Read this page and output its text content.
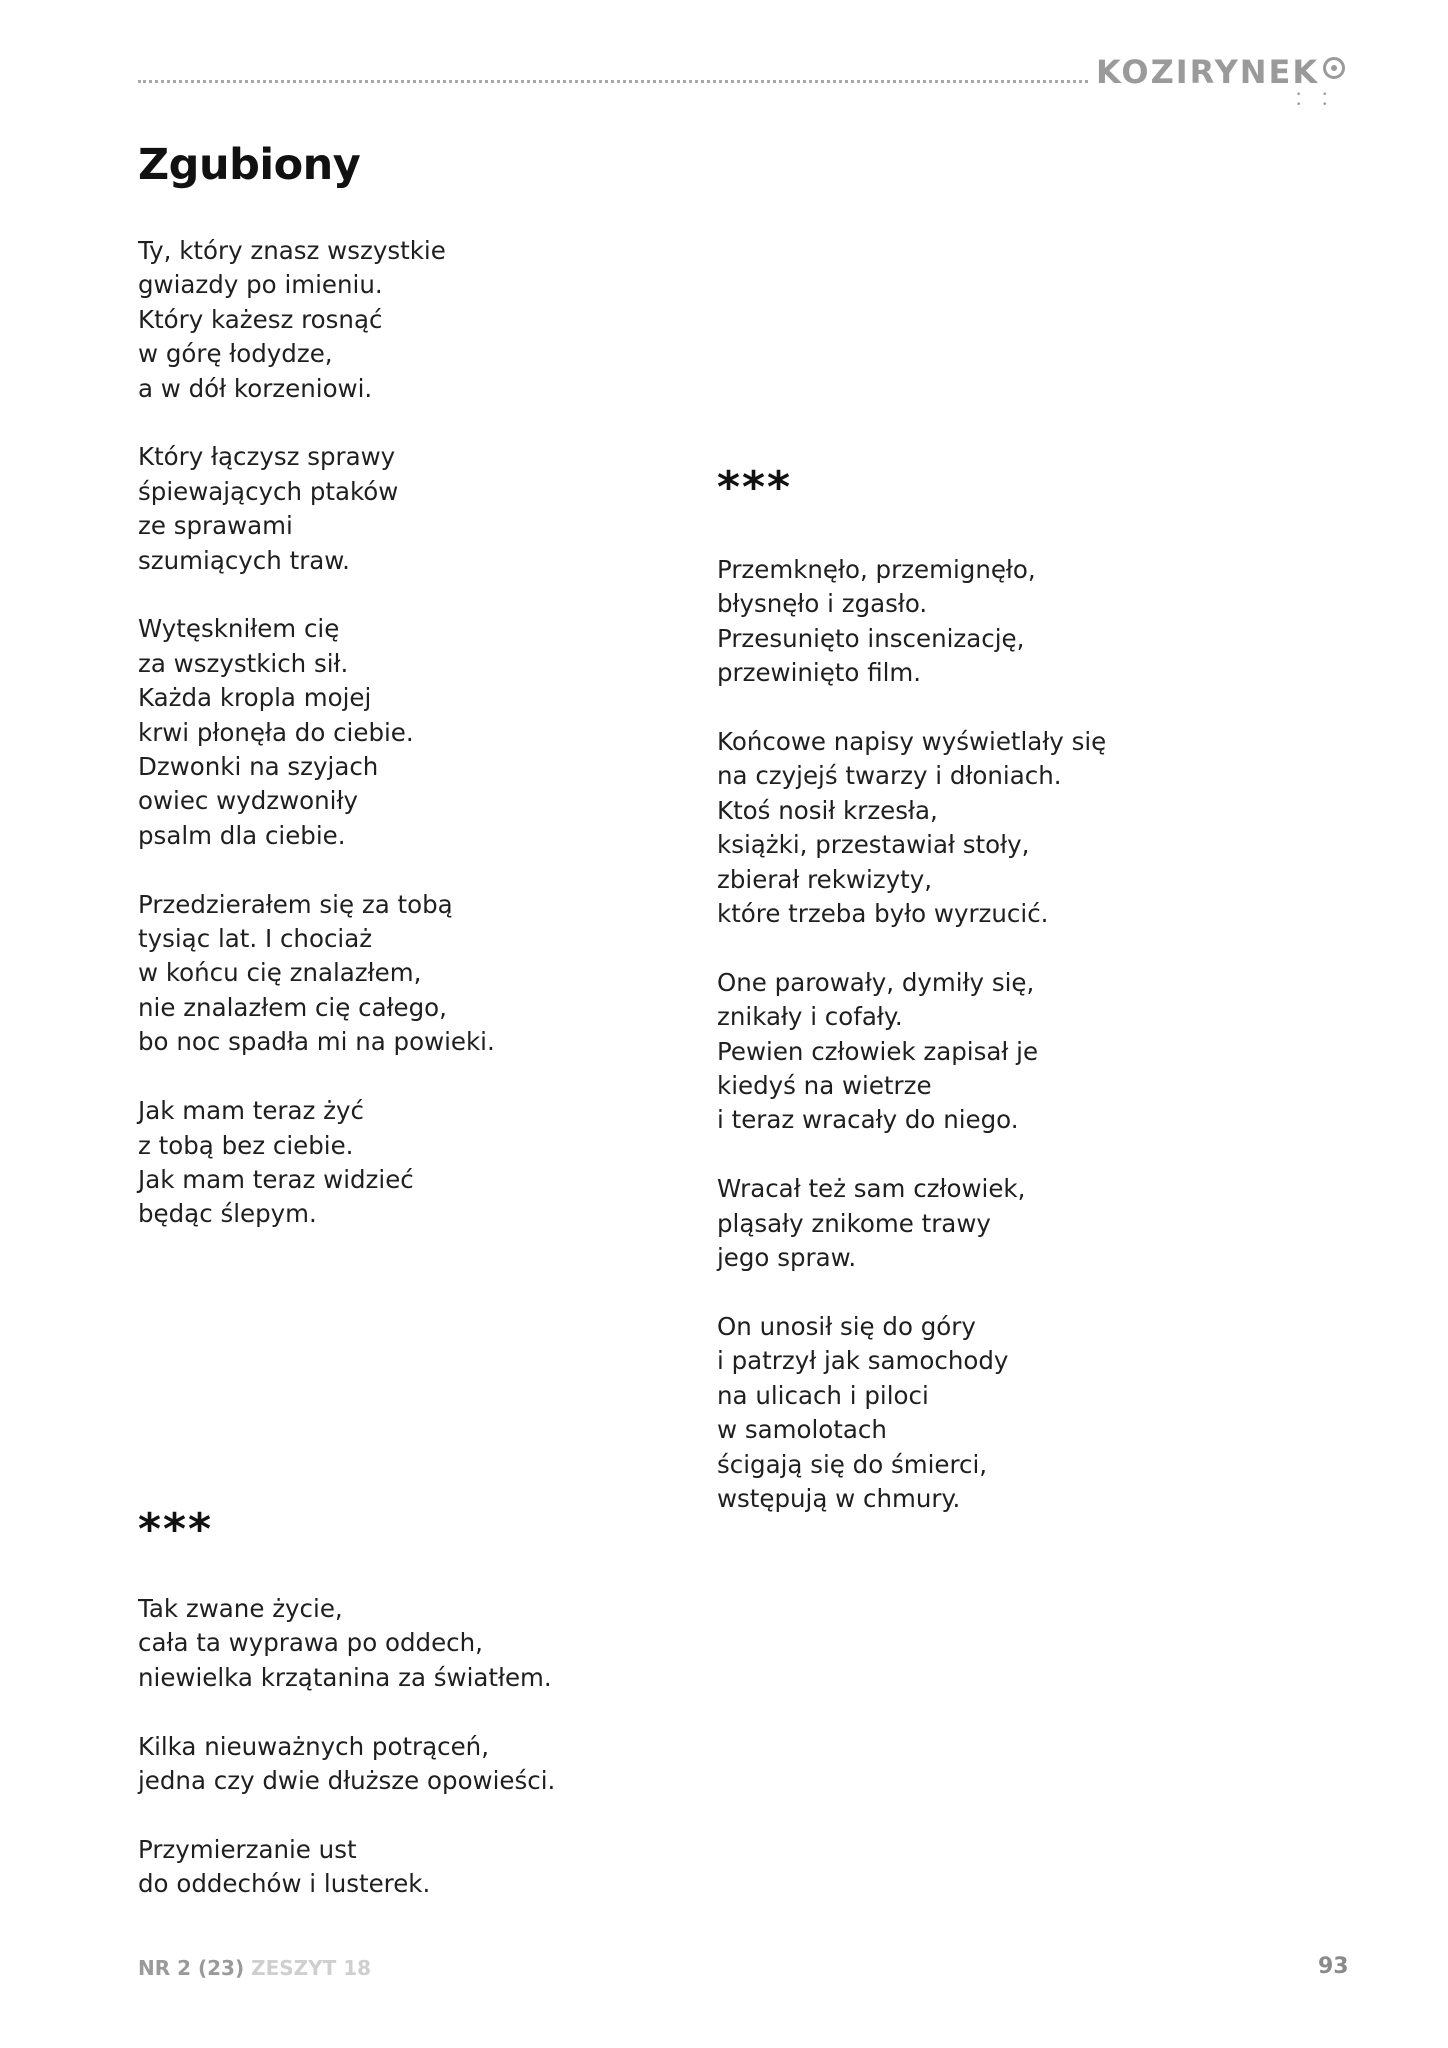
KOZIRYNEK
• • • •
Zgubiony
Ty, który znasz wszystkie
gwiazdy po imieniu.
Który każesz rosnąć
w górę łodydze,
a w dół korzeniowi.
Który łączysz sprawy
śpiewających ptaków
ze sprawami
szumiących traw.
Wytęskniłem cię
za wszystkich sił.
Każda kropla mojej
krwi płonęła do ciebie.
Dzwonki na szyjach
owiec wydzwoniły
psalm dla ciebie.
Przedzierałem się za tobą
tysiąc lat. I chociaż
w końcu cię znalazłem,
nie znalazłem cię całego,
bo noc spadła mi na powieki.
Jak mam teraz żyć
z tobą bez ciebie.
Jak mam teraz widzieć
będąc ślepym.
***
Przemknęło, przemignęło,
błysnęło i zgasło.
Przesunięto inscenizację,
przewinięto film.
Końcowe napisy wyświetlały się
na czyjejś twarzy i dłoniach.
Ktoś nosił krzesła,
książki, przestawiał stoły,
zbierał rekwizyty,
które trzeba było wyrzucić.
One parowały, dymiły się,
znikały i cofały.
Pewien człowiek zapisał je
kiedyś na wietrze
i teraz wracały do niego.
Wracał też sam człowiek,
pląsały znikome trawy
jego spraw.
On unosił się do góry
i patrzył jak samochody
na ulicach i piloci
w samolotach
ścigają się do śmierci,
wstępują w chmury.
***
Tak zwane życie,
cała ta wyprawa po oddech,
niewielka krzątanina za światłem.
Kilka nieuważnych potrąceń,
jedna czy dwie dłuższe opowieści.
Przymierzanie ust
do oddechów i lusterek.
NR 2 (23) ZESZYT 18	93
